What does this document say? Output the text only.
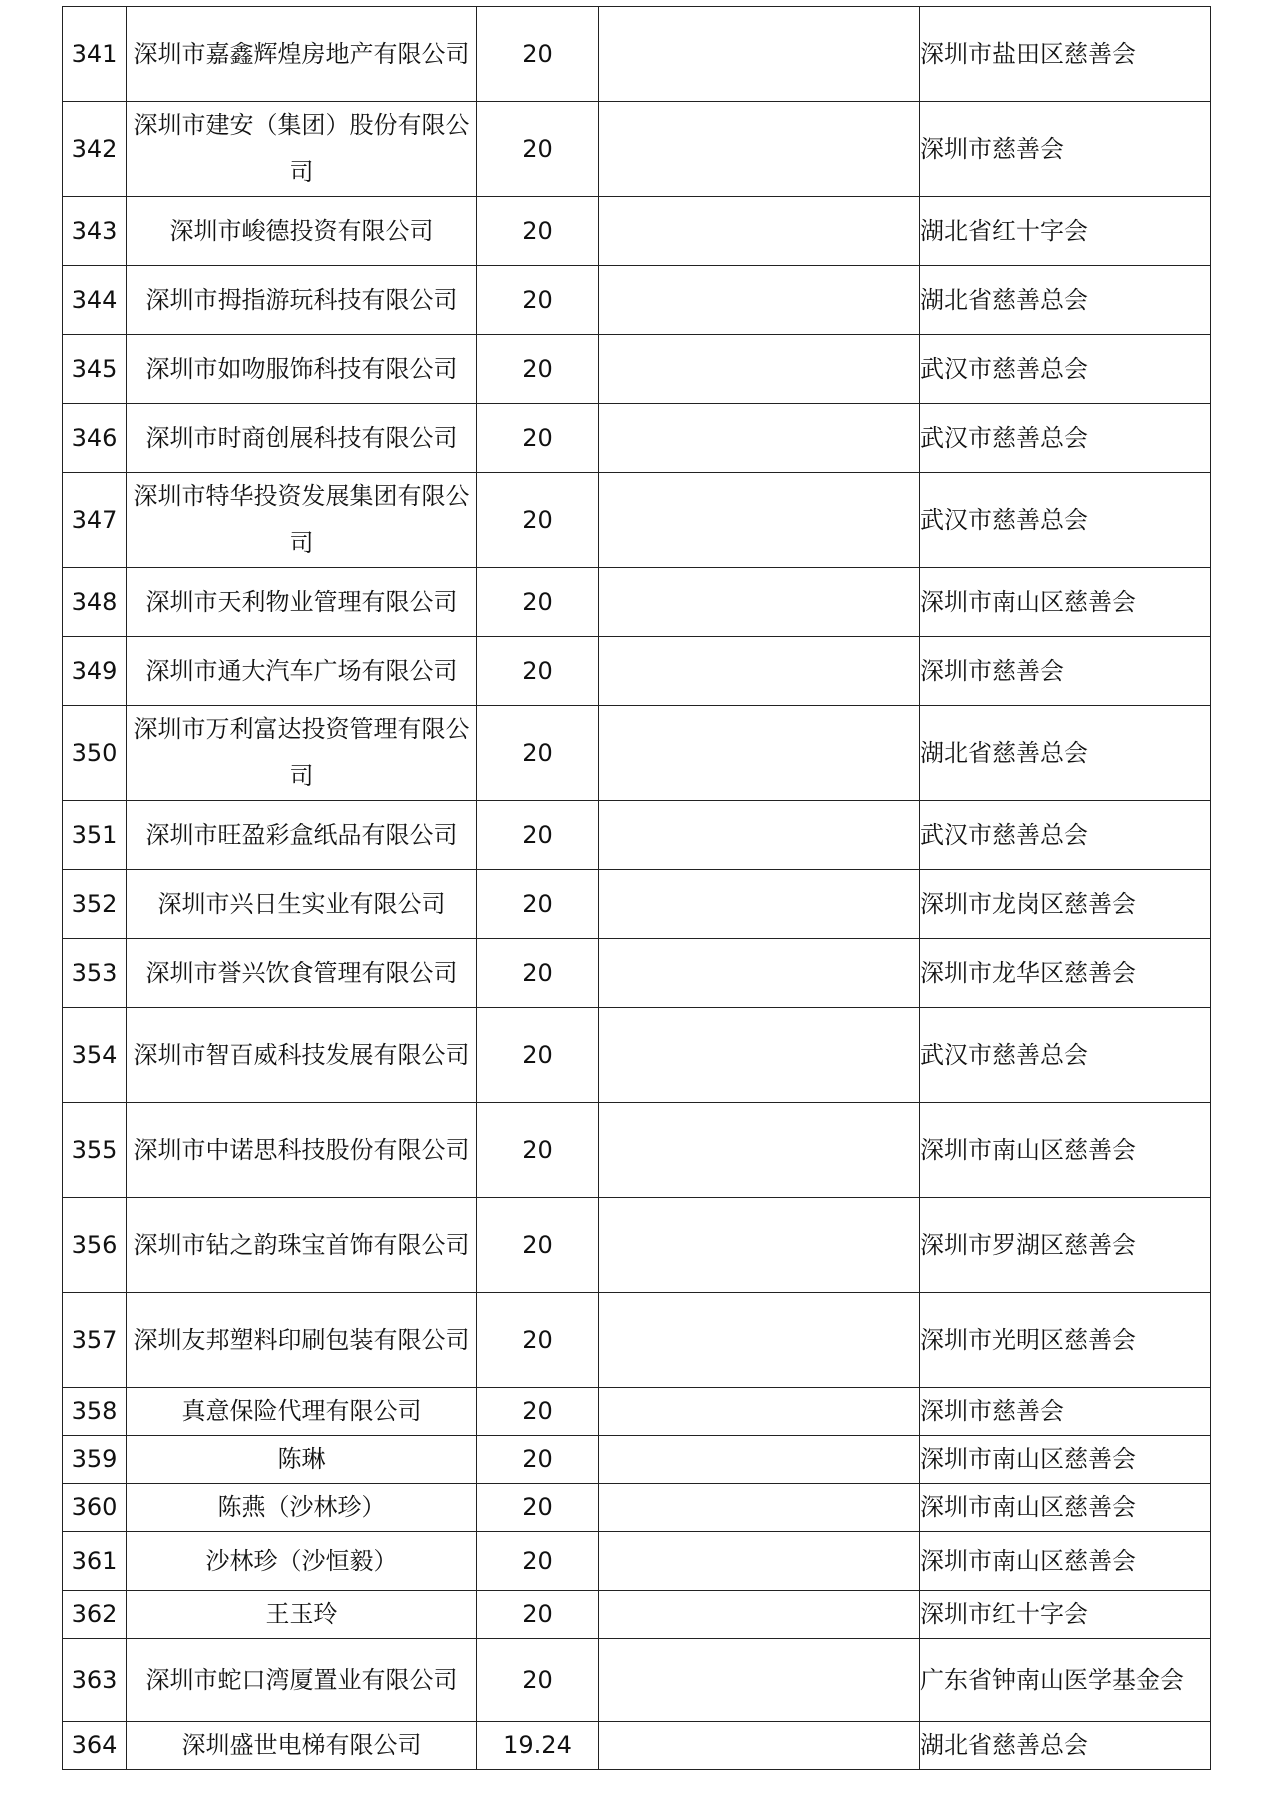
341	深圳市嘉鑫辉煌房地产有限公司	20		深圳市盐田区慈善会
342	深圳市建安（集团）股份有限公司	20		深圳市慈善会
343	深圳市峻德投资有限公司	20		湖北省红十字会
344	深圳市拇指游玩科技有限公司	20		湖北省慈善总会
345	深圳市如吻服饰科技有限公司	20		武汉市慈善总会
346	深圳市时商创展科技有限公司	20		武汉市慈善总会
347	深圳市特华投资发展集团有限公司	20		武汉市慈善总会
348	深圳市天利物业管理有限公司	20		深圳市南山区慈善会
349	深圳市通大汽车广场有限公司	20		深圳市慈善会
350	深圳市万利富达投资管理有限公司	20		湖北省慈善总会
351	深圳市旺盈彩盒纸品有限公司	20		武汉市慈善总会
352	深圳市兴日生实业有限公司	20		深圳市龙岗区慈善会
353	深圳市誉兴饮食管理有限公司	20		深圳市龙华区慈善会
354	深圳市智百威科技发展有限公司	20		武汉市慈善总会
355	深圳市中诺思科技股份有限公司	20		深圳市南山区慈善会
356	深圳市钻之韵珠宝首饰有限公司	20		深圳市罗湖区慈善会
357	深圳友邦塑料印刷包装有限公司	20		深圳市光明区慈善会
358	真意保险代理有限公司	20		深圳市慈善会
359	陈琳	20		深圳市南山区慈善会
360	陈燕（沙林珍）	20		深圳市南山区慈善会
361	沙林珍（沙恒毅）	20		深圳市南山区慈善会
362	王玉玲	20		深圳市红十字会
363	深圳市蛇口湾厦置业有限公司	20		广东省钟南山医学基金会
364	深圳盛世电梯有限公司	19.24		湖北省慈善总会
